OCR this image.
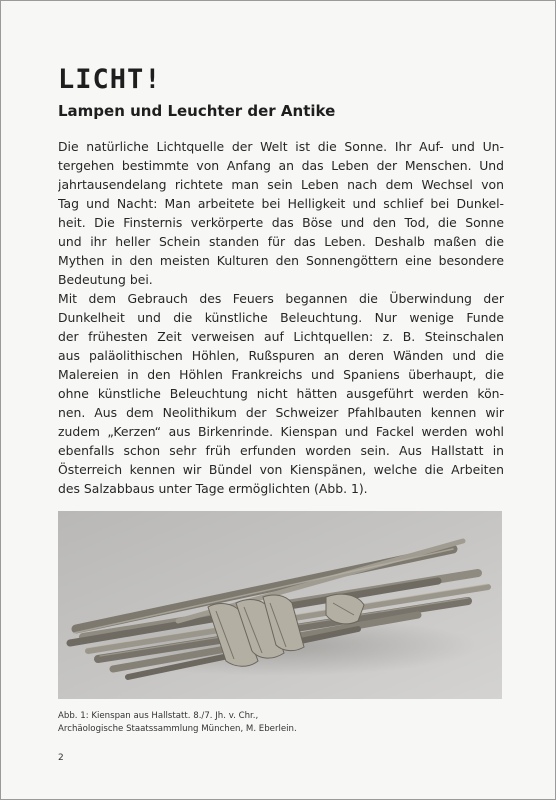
LICHT!
Lampen und Leuchter der Antike
Die natürliche Lichtquelle der Welt ist die Sonne. Ihr Auf- und Un-
tergehen bestimmte von Anfang an das Leben der Menschen. Und
jahrtausendelang richtete man sein Leben nach dem Wechsel von
Tag und Nacht: Man arbeitete bei Helligkeit und schlief bei Dunkel-
heit. Die Finsternis verkörperte das Böse und den Tod, die Sonne
und ihr heller Schein standen für das Leben. Deshalb maßen die
Mythen in den meisten Kulturen den Sonnengöttern eine besondere
Bedeutung bei.
Mit dem Gebrauch des Feuers begannen die Überwindung der
Dunkelheit und die künstliche Beleuchtung. Nur wenige Funde
der frühesten Zeit verweisen auf Lichtquellen: z. B. Steinschalen
aus paläolithischen Höhlen, Rußspuren an deren Wänden und die
Malereien in den Höhlen Frankreichs und Spaniens überhaupt, die
ohne künstliche Beleuchtung nicht hätten ausgeführt werden kön-
nen. Aus dem Neolithikum der Schweizer Pfahlbauten kennen wir
zudem „Kerzen“ aus Birkenrinde. Kienspan und Fackel werden wohl
ebenfalls schon sehr früh erfunden worden sein. Aus Hallstatt in
Österreich kennen wir Bündel von Kienspänen, welche die Arbeiten
des Salzabbaus unter Tage ermöglichten (Abb. 1).
Abb. 1: Kienspan aus Hallstatt. 8./7. Jh. v. Chr.,
Archäologische Staatssammlung München, M. Eberlein.
2
